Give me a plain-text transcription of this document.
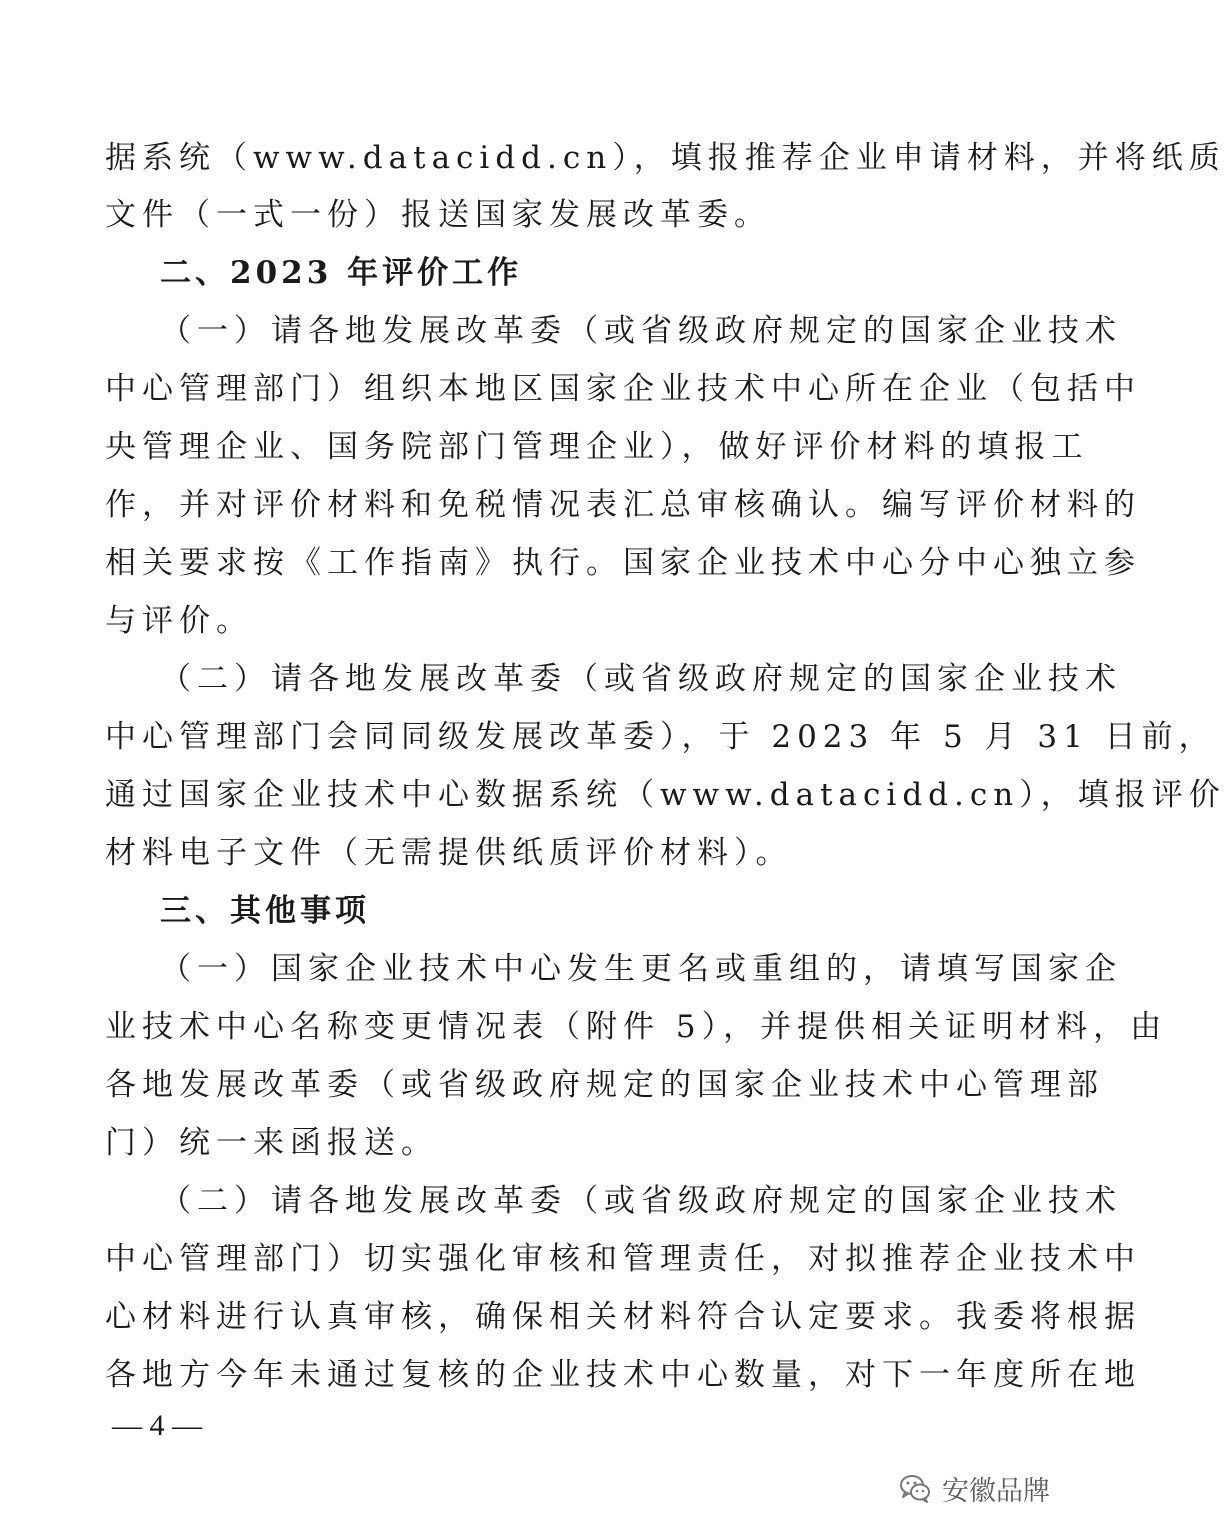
据系统（www.datacidd.cn），填报推荐企业申请材料，并将纸质
文件（一式一份）报送国家发展改革委。
二、2023 年评价工作
（一）请各地发展改革委（或省级政府规定的国家企业技术
中心管理部门）组织本地区国家企业技术中心所在企业（包括中
央管理企业、国务院部门管理企业），做好评价材料的填报工
作，并对评价材料和免税情况表汇总审核确认。编写评价材料的
相关要求按《工作指南》执行。国家企业技术中心分中心独立参
与评价。
（二）请各地发展改革委（或省级政府规定的国家企业技术
中心管理部门会同同级发展改革委），于 2023 年 5 月 31 日前，
通过国家企业技术中心数据系统（www.datacidd.cn），填报评价
材料电子文件（无需提供纸质评价材料）。
三、其他事项
（一）国家企业技术中心发生更名或重组的，请填写国家企
业技术中心名称变更情况表（附件 5），并提供相关证明材料，由
各地发展改革委（或省级政府规定的国家企业技术中心管理部
门）统一来函报送。
（二）请各地发展改革委（或省级政府规定的国家企业技术
中心管理部门）切实强化审核和管理责任，对拟推荐企业技术中
心材料进行认真审核，确保相关材料符合认定要求。我委将根据
各地方今年未通过复核的企业技术中心数量，对下一年度所在地
— 4 —
安徽品牌
